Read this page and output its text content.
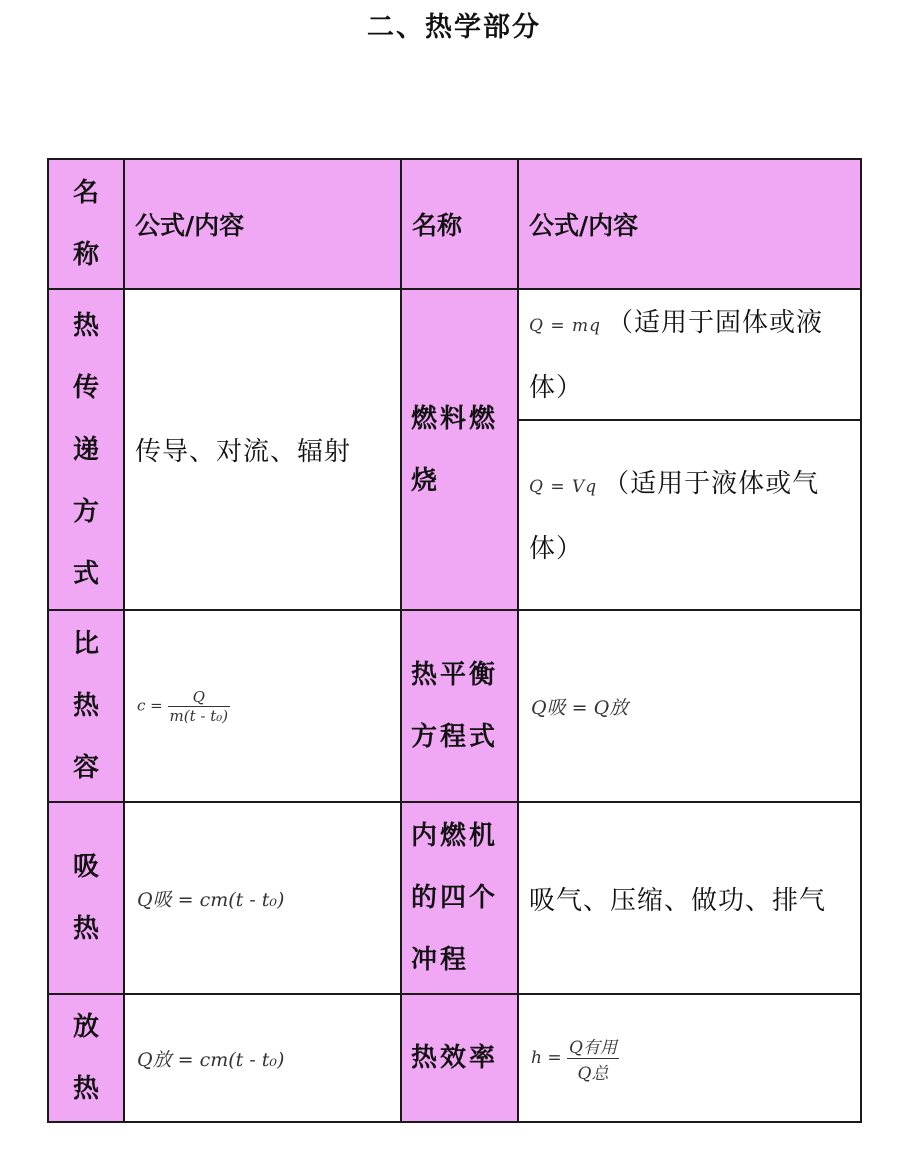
二、热学部分
名
称	公式/内容	名称	公式/内容

热
传
递
方
式	传导、对流、辐射	燃料燃
烧	Q = mq （适用于固体或液体）

			Q = Vq （适用于液体或气体）

比
热
容	$c = \frac{Q}{\text{m(t - t₀)}}$	热平衡
方程式	Q吸 = Q放

吸
热	Q吸 = cm(t - t₀)	内燃机
的四个
冲程	吸气、压缩、做功、排气

放
热	Q放 = cm(t - t₀)	热效率	$h = \frac{\text{Q有用}}{\text{Q总}}$
